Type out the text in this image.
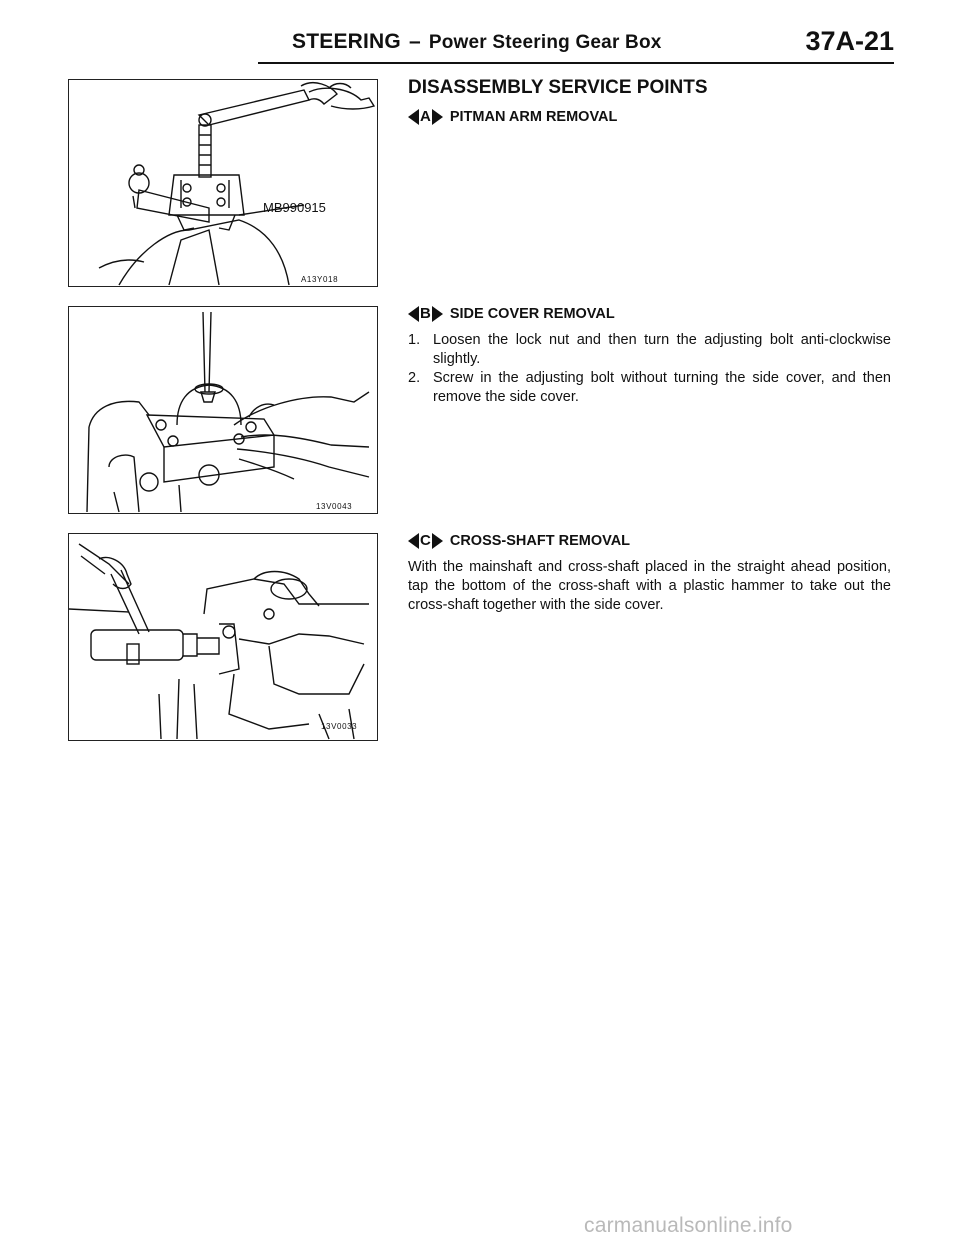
STEERING – Power Steering Gear Box	37A-21
MB990915
A13Y018
13V0043
13V0033
DISASSEMBLY SERVICE POINTS
A PITMAN ARM REMOVAL
B SIDE COVER REMOVAL
1. Loosen the lock nut and then turn the adjusting bolt anti-clockwise slightly.
2. Screw in the adjusting bolt without turning the side cover, and then remove the side cover.
C CROSS-SHAFT REMOVAL

With the mainshaft and cross-shaft placed in the straight ahead position, tap the bottom of the cross-shaft with a plastic hammer to take out the cross-shaft together with the side cover.

carmanualsonline.info
